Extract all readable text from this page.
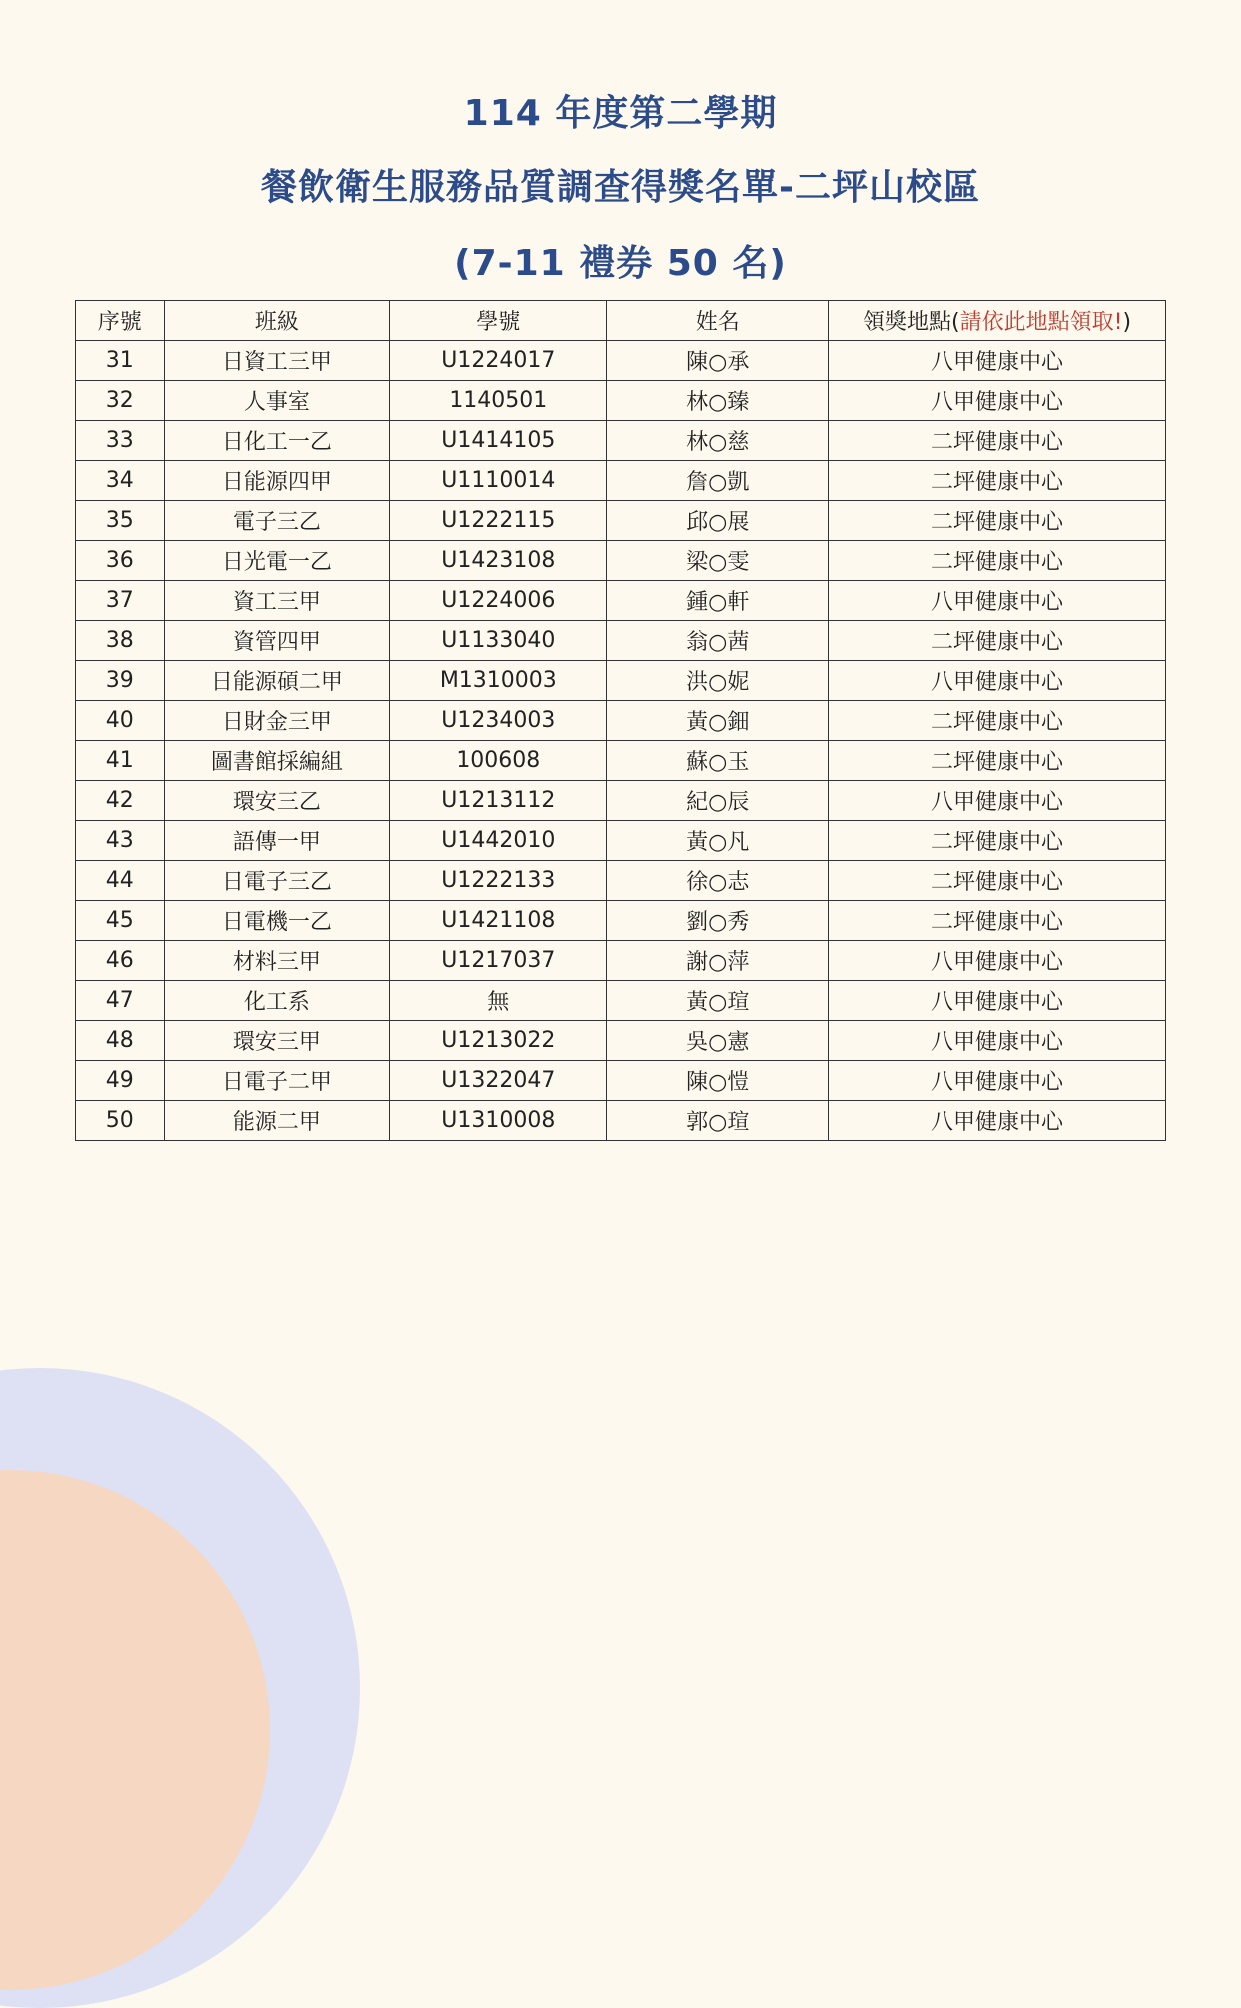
114 年度第二學期
餐飲衛生服務品質調查得獎名單-二坪山校區
(7-11 禮券 50 名)
序號	班級	學號	姓名	領獎地點(請依此地點領取!)
31	日資工三甲	U1224017	陳○承	八甲健康中心
32	人事室	1140501	林○臻	八甲健康中心
33	日化工一乙	U1414105	林○慈	二坪健康中心
34	日能源四甲	U1110014	詹○凱	二坪健康中心
35	電子三乙	U1222115	邱○展	二坪健康中心
36	日光電一乙	U1423108	梁○雯	二坪健康中心
37	資工三甲	U1224006	鍾○軒	八甲健康中心
38	資管四甲	U1133040	翁○茜	二坪健康中心
39	日能源碩二甲	M1310003	洪○妮	八甲健康中心
40	日財金三甲	U1234003	黃○鈿	二坪健康中心
41	圖書館採編組	100608	蘇○玉	二坪健康中心
42	環安三乙	U1213112	紀○辰	八甲健康中心
43	語傳一甲	U1442010	黃○凡	二坪健康中心
44	日電子三乙	U1222133	徐○志	二坪健康中心
45	日電機一乙	U1421108	劉○秀	二坪健康中心
46	材料三甲	U1217037	謝○萍	八甲健康中心
47	化工系	無	黃○瑄	八甲健康中心
48	環安三甲	U1213022	吳○憲	八甲健康中心
49	日電子二甲	U1322047	陳○愷	八甲健康中心
50	能源二甲	U1310008	郭○瑄	八甲健康中心
